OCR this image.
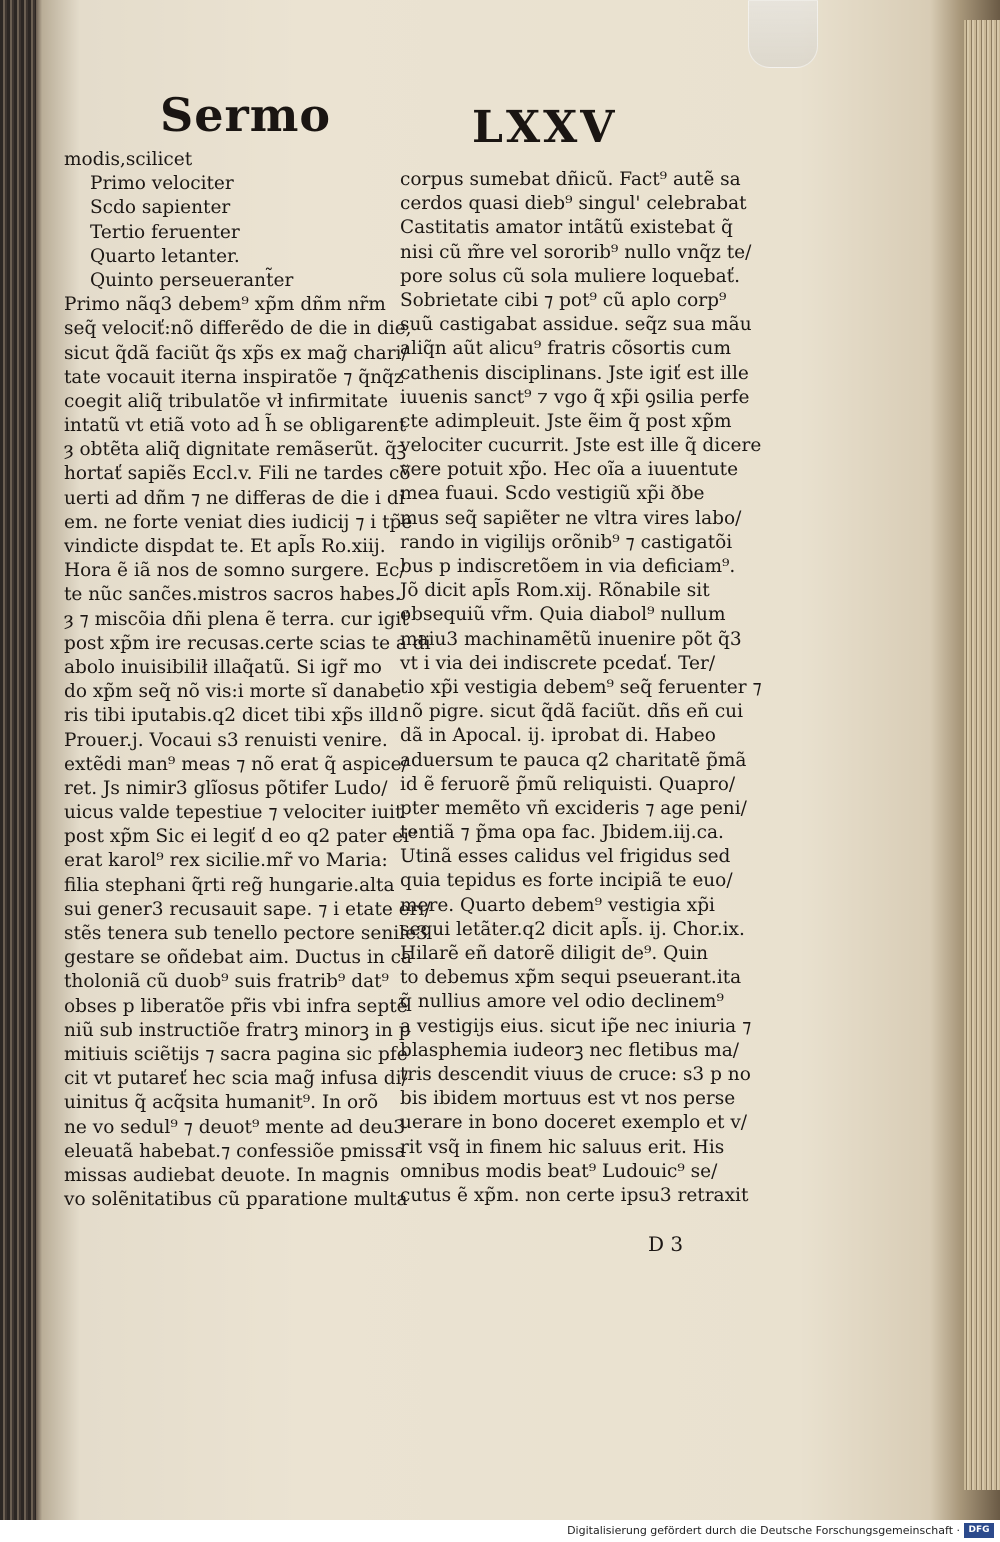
Sermo	LXXV
modis,scilicet
Primo velociter
Scdo sapienter
Tertio feruenter
Quarto letanter.
Quinto perseuerant̃er
Primo nãq3 debem⁹ xp̃m dñm nr̃m
seq̃ velociť:nõ differẽdo de die in die,
sicut q̃dã faciũt q̃s xp̃s ex mag̃ chari/
tate vocauit iterna inspiratõe ⁊ q̃nq̃z
coegit aliq̃ tribulatõe vł infirmitate
intatũ vt etiã voto ad h̃ se obligarent
ȝ obtẽta aliq̃ dignitate remãserũt. q̃ꝫ
hortať sapiẽs Eccl.v. Fili ne tardes cõ
uerti ad dñm ⁊ ne differas de die i di
em. ne forte veniat dies iudicij ⁊ i tp̃e
vindicte dispdat te. Et apl̃s Ro.xiij.
Hora ẽ iã nos de somno surgere. Ec/
te nũc sanc̃es.mistros sacros habes.
ȝ ⁊ miscõia dñi plena ẽ terra. cur igiť
post xp̃m ire recusas.certe scias te a di
abolo inuisibilił illaq̃atũ. Si igr̃ mo
do xp̃m seq̃ nõ vis:i morte sĩ danabe
ris tibi iputabis.q2 dicet tibi xp̃s illd
Prouer.j. Vocaui s3 renuisti venire.
extẽdi man⁹ meas ⁊ nõ erat q̃ aspice/
ret. Js nimir3 glĩosus põtifer Ludo/
uicus valde tepestiue ⁊ velociter iuit
post xp̃m Sic ei legiť d eo q2 pater ei⁹
erat karol⁹ rex sicilie.mr̃ vo Maria:
filia stephani q̃rti reg̃ hungarie.alta
sui gener3 recusauit sape. ⁊ i etate eri/
stẽs tenera sub tenello pectore senile3
gestare se oñdebat aim. Ductus in ca
tholoniã cũ duob⁹ suis fratrib⁹ dat⁹
obses p liberatõe pr̃is vbi infra septẽ
niũ sub instructiõe fratrꝫ minorꝫ in p
mitiuis sciẽtijs ⁊ sacra pagina sic pfe
cit vt putareť hec scia mag̃ infusa di/
uinitus q̃ acq̃sita humanit⁹. In orõ
ne vo sedul⁹ ⁊ deuot⁹ mente ad deu3
eleuatã habebat.⁊ confessiõe pmissa
missas audiebat deuote. In magnis
vo solẽnitatibus cũ pparatione multa
corpus sumebat dñicũ. Fact⁹ autẽ sa
cerdos quasi dieb⁹ singul' celebrabat
Castitatis amator intãtũ existebat q̃
nisi cũ m̃re vel sororib⁹ nullo vnq̃z te/
pore solus cũ sola muliere loquebať.
Sobrietate cibi ⁊ pot⁹ cũ aplo corp⁹
suũ castigabat assidue. seq̃z sua mãu
aliq̃n aũt alicu⁹ fratris cõsortis cum
cathenis disciplinans. Jste igiť est ille
iuuenis sanct⁹ ⁊ vgo q̃ xp̃i ꝯsilia perfe
cte adimpleuit. Jste ẽim q̃ post xp̃m
velociter cucurrit. Jste est ille q̃ dicere
vere potuit xp̃o. Hec oĩa a iuuentute
mea fuaui. Scdo vestigiũ xp̃i ðbe
mus seq̃ sapiẽter ne vltra vires labo/
rando in vigilijs orõnib⁹ ⁊ castigatõi
bus p indiscretõem in via deficiam⁹.
Jõ dicit apl̃s Rom.xij. Rõnabile sit
obsequiũ vr̃m. Quia diabol⁹ nullum
maiu3 machinamẽtũ inuenire põt q̃3
vt i via dei indiscrete pcedať. Ter/
tio xp̃i vestigia debem⁹ seq̃ feruenter ⁊
nõ pigre. sicut q̃dã faciũt. dñs eñ cui
dã in Apocal. ij. iprobat di. Habeo
aduersum te pauca q2 charitatẽ p̃mã
id ẽ feruorẽ p̃mũ reliquisti. Quapro/
pter memẽto vñ excideris ⁊ age peni/
tentiã ⁊ p̃ma opa fac. Jbidem.iij.ca.
Utinã esses calidus vel frigidus sed
quia tepidus es forte incipiã te euo/
mere. Quarto debem⁹ vestigia xp̃i
sequi letãter.q2 dicit apl̃s. ij. Chor.ix.
Hilarẽ eñ datorẽ diligit de⁹. Quin
to debemus xp̃m sequi pseuerant.ita
q̃ nullius amore vel odio declinem⁹
a vestigijs eius. sicut ip̃e nec iniuria ⁊
blasphemia iudeorꝫ nec fletibus ma/
tris descendit viuus de cruce: s3 p no
bis ibidem mortuus est vt nos perse
uerare in bono doceret exemplo et v/
rit vsq̃ in finem hic saluus erit. His
omnibus modis beat⁹ Ludouic⁹ se/
cutus ẽ xp̃m. non certe ipsu3 retraxit
D 3
Digitalisierung gefördert durch die Deutsche Forschungsgemeinschaft · DFG
